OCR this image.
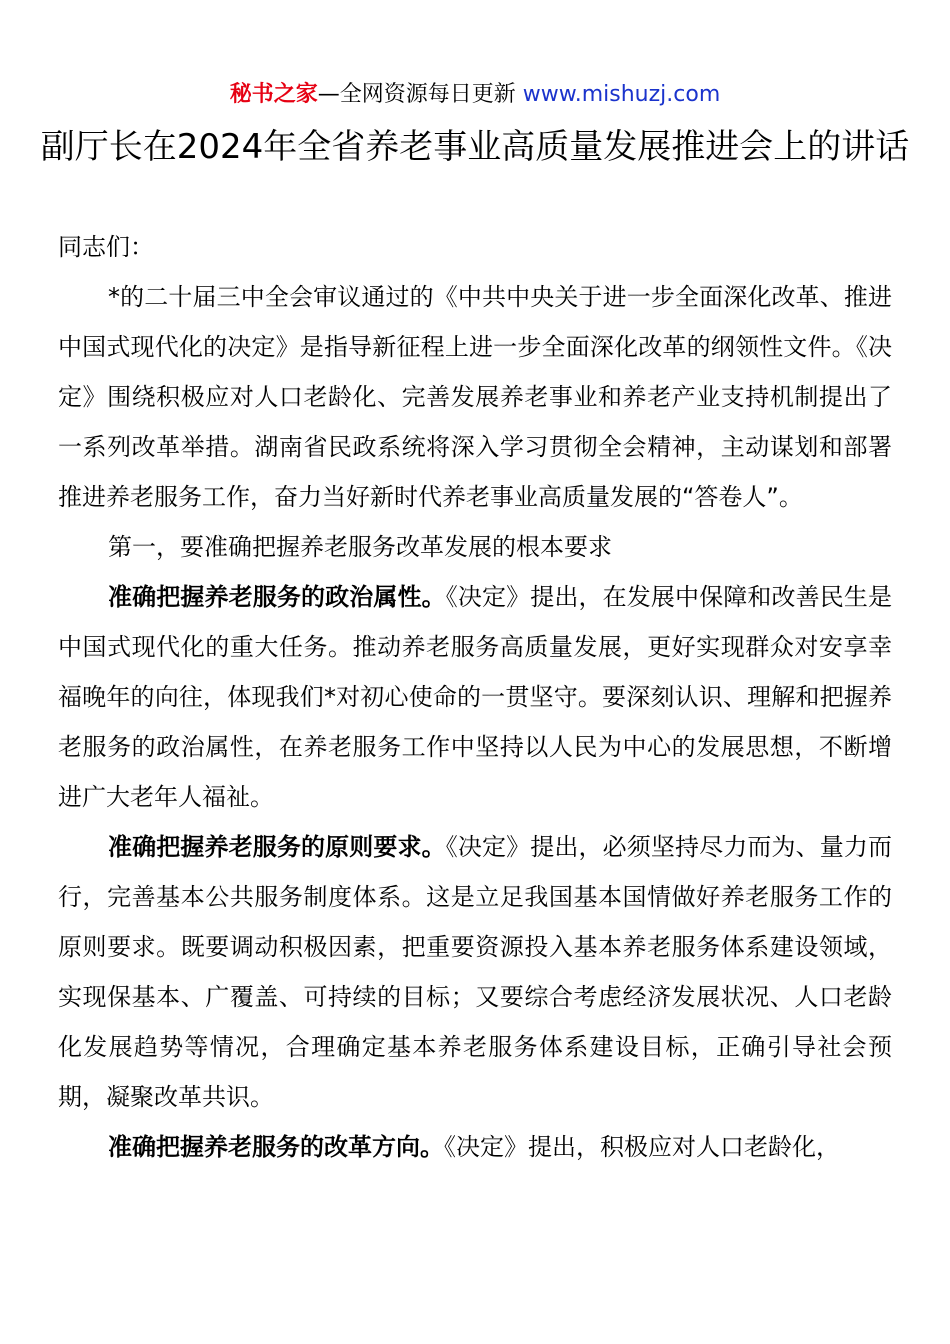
秘书之家—全网资源每日更新 www.mishuzj.com
副厅长在2024年全省养老事业高质量发展推进会上的讲话

同志们：

*的二十届三中全会审议通过的《中共中央关于进一步全面深化改革、推进中国式现代化的决定》是指导新征程上进一步全面深化改革的纲领性文件。《决定》围绕积极应对人口老龄化、完善发展养老事业和养老产业支持机制提出了一系列改革举措。湖南省民政系统将深入学习贯彻全会精神，主动谋划和部署推进养老服务工作，奋力当好新时代养老事业高质量发展的“答卷人”。

第一，要准确把握养老服务改革发展的根本要求

准确把握养老服务的政治属性。《决定》提出，在发展中保障和改善民生是中国式现代化的重大任务。推动养老服务高质量发展，更好实现群众对安享幸福晚年的向往，体现我们*对初心使命的一贯坚守。要深刻认识、理解和把握养老服务的政治属性，在养老服务工作中坚持以人民为中心的发展思想，不断增进广大老年人福祉。

准确把握养老服务的原则要求。《决定》提出，必须坚持尽力而为、量力而行，完善基本公共服务制度体系。这是立足我国基本国情做好养老服务工作的原则要求。既要调动积极因素，把重要资源投入基本养老服务体系建设领域，实现保基本、广覆盖、可持续的目标；又要综合考虑经济发展状况、人口老龄化发展趋势等情况，合理确定基本养老服务体系建设目标，正确引导社会预期，凝聚改革共识。

准确把握养老服务的改革方向。《决定》提出，积极应对人口老龄化，
